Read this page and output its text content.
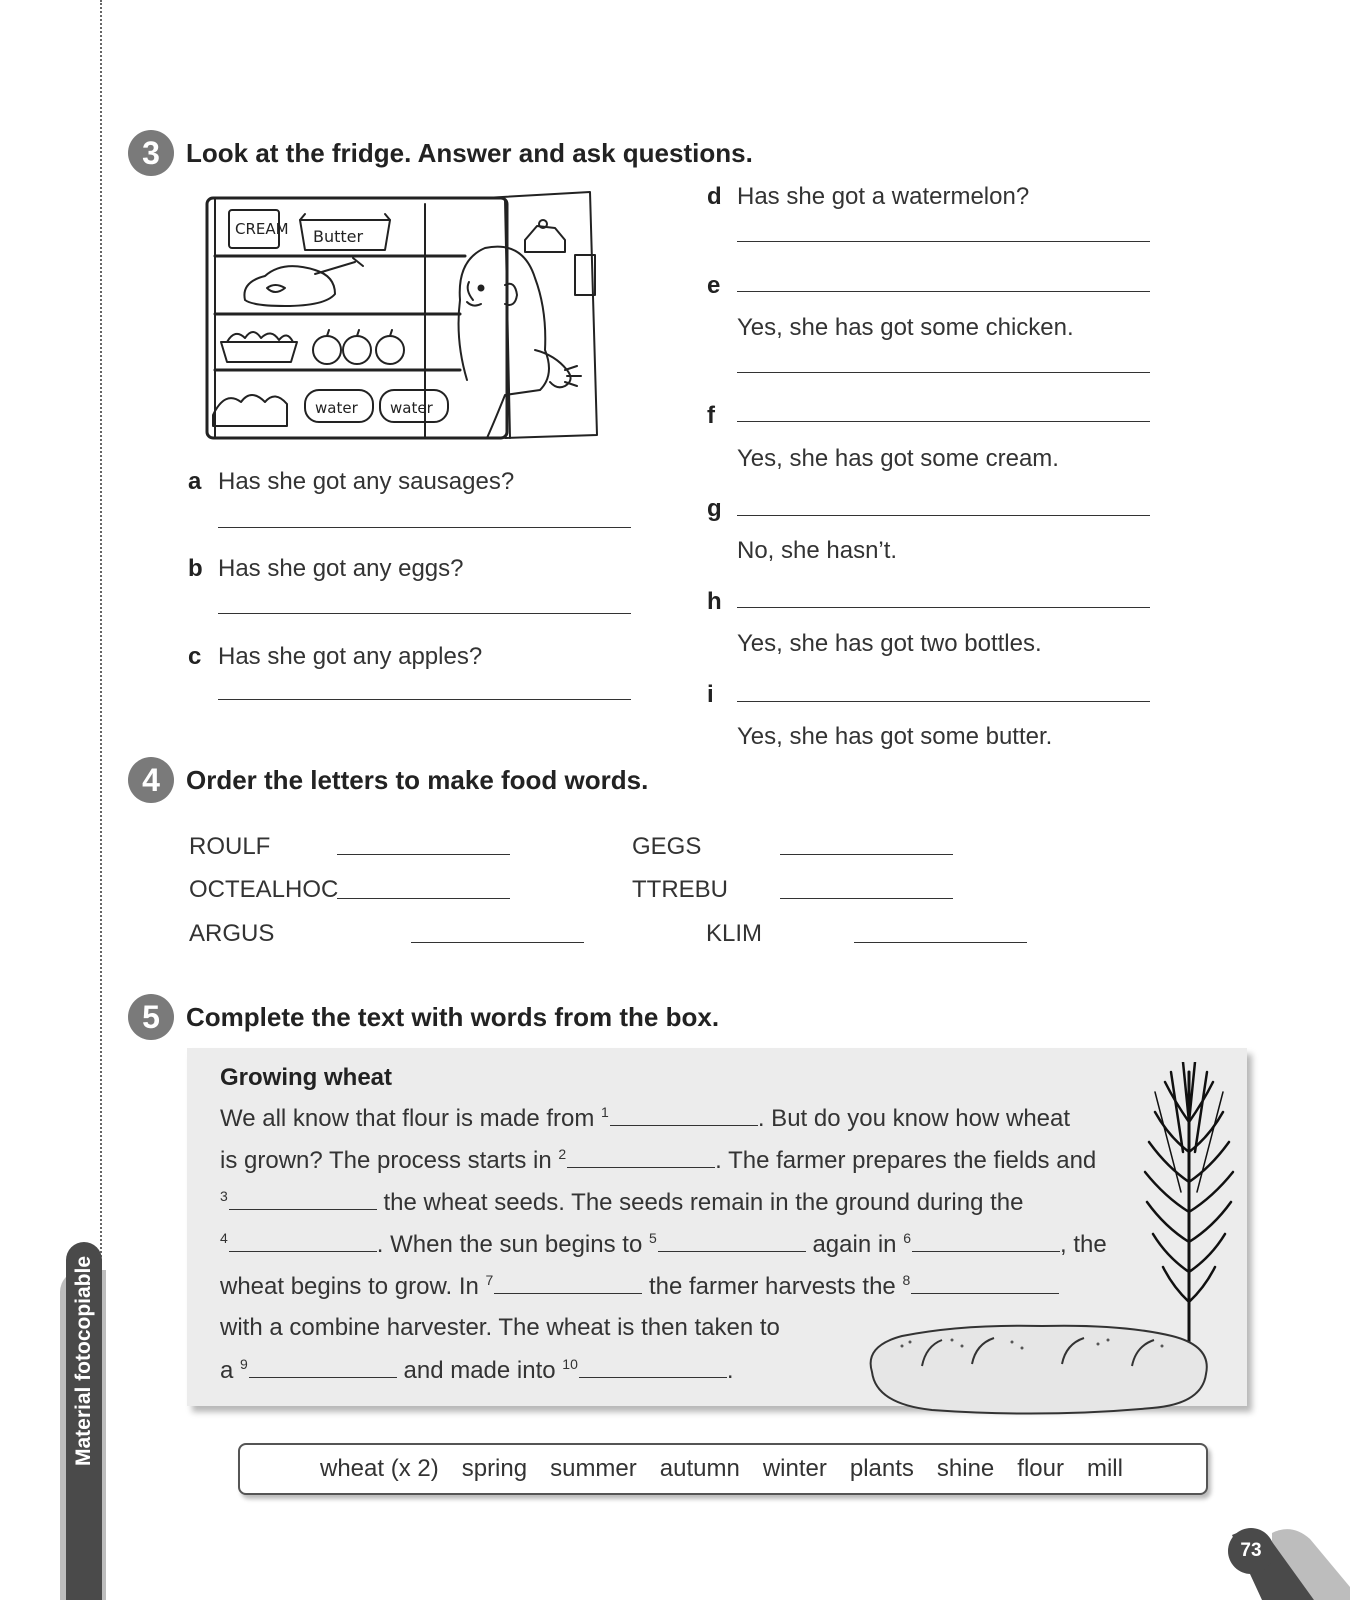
Material fotocopiable
3	Look at the fridge. Answer and ask questions.
CREAM Butter
water water
a Has she got any sausages?
b Has she got any eggs?
c Has she got any apples?
d Has she got a watermelon?
e
Yes, she has got some chicken.
f
Yes, she has got some cream.
g
No, she hasn’t.
h
Yes, she has got two bottles.
i
Yes, she has got some butter.
4	Order the letters to make food words.
ROULF	GEGS
OCTEALHOC	TTREBU
ARGUS	KLIM
5	Complete the text with words from the box.
Growing wheat
We all know that flour is made from $^1$	. But do you know how wheat
is grown? The process starts in $^2$	. The farmer prepares the fields and
$^3$	the wheat seeds. The seeds remain in the ground during the
$^4$	. When the sun begins to $^5$	again in $^6$	, the
wheat begins to grow. In $^7$	the farmer harvests the $^8$
with a combine harvester. The wheat is then taken to
a $^9$	and made into $^{10}$	.
wheat (x 2) spring summer autumn winter plants shine flour mill
73
